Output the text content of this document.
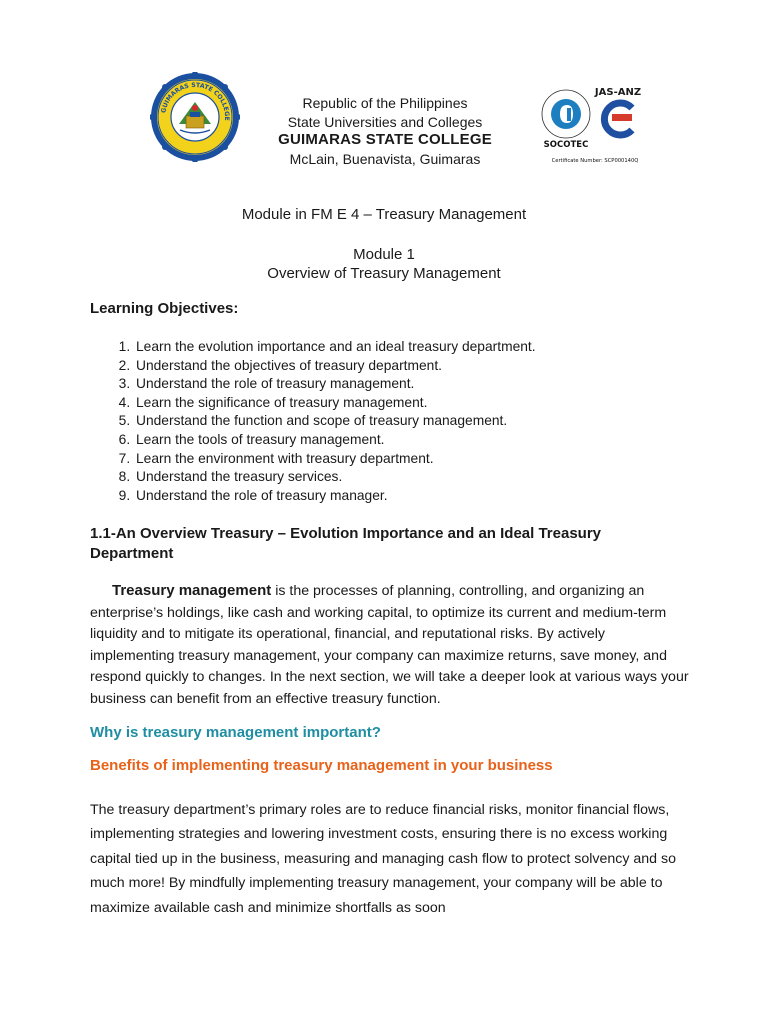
GUIMARAS STATE COLLEGE
Republic of the Philippines
State Universities and Colleges
GUIMARAS STATE COLLEGE
McLain, Buenavista, Guimaras
SOCOTEC
JAS-ANZ
Certificate Number: SCP000140Q
Module in FM E 4 – Treasury Management
Module 1
Overview of Treasury Management
Learning Objectives:
1. Learn the evolution importance and an ideal treasury department.
2. Understand the objectives of treasury department.
3. Understand the role of treasury management.
4. Learn the significance of treasury management.
5. Understand the function and scope of treasury management.
6. Learn the tools of treasury management.
7. Learn the environment with treasury department.
8. Understand the treasury services.
9. Understand the role of treasury manager.
1.1-An Overview Treasury – Evolution Importance and an Ideal Treasury
Department
Treasury management is the processes of planning, controlling, and organizing an enterprise’s holdings, like cash and working capital, to optimize its current and medium-term liquidity and to mitigate its operational, financial, and reputational risks. By actively implementing treasury management, your company can maximize returns, save money, and respond quickly to changes. In the next section, we will take a deeper look at various ways your business can benefit from an effective treasury function.
Why is treasury management important?
Benefits of implementing treasury management in your business
The treasury department’s primary roles are to reduce financial risks, monitor financial flows, implementing strategies and lowering investment costs, ensuring there is no excess working capital tied up in the business, measuring and managing cash flow to protect solvency and so much more! By mindfully implementing treasury management, your company will be able to maximize available cash and minimize shortfalls as soon
